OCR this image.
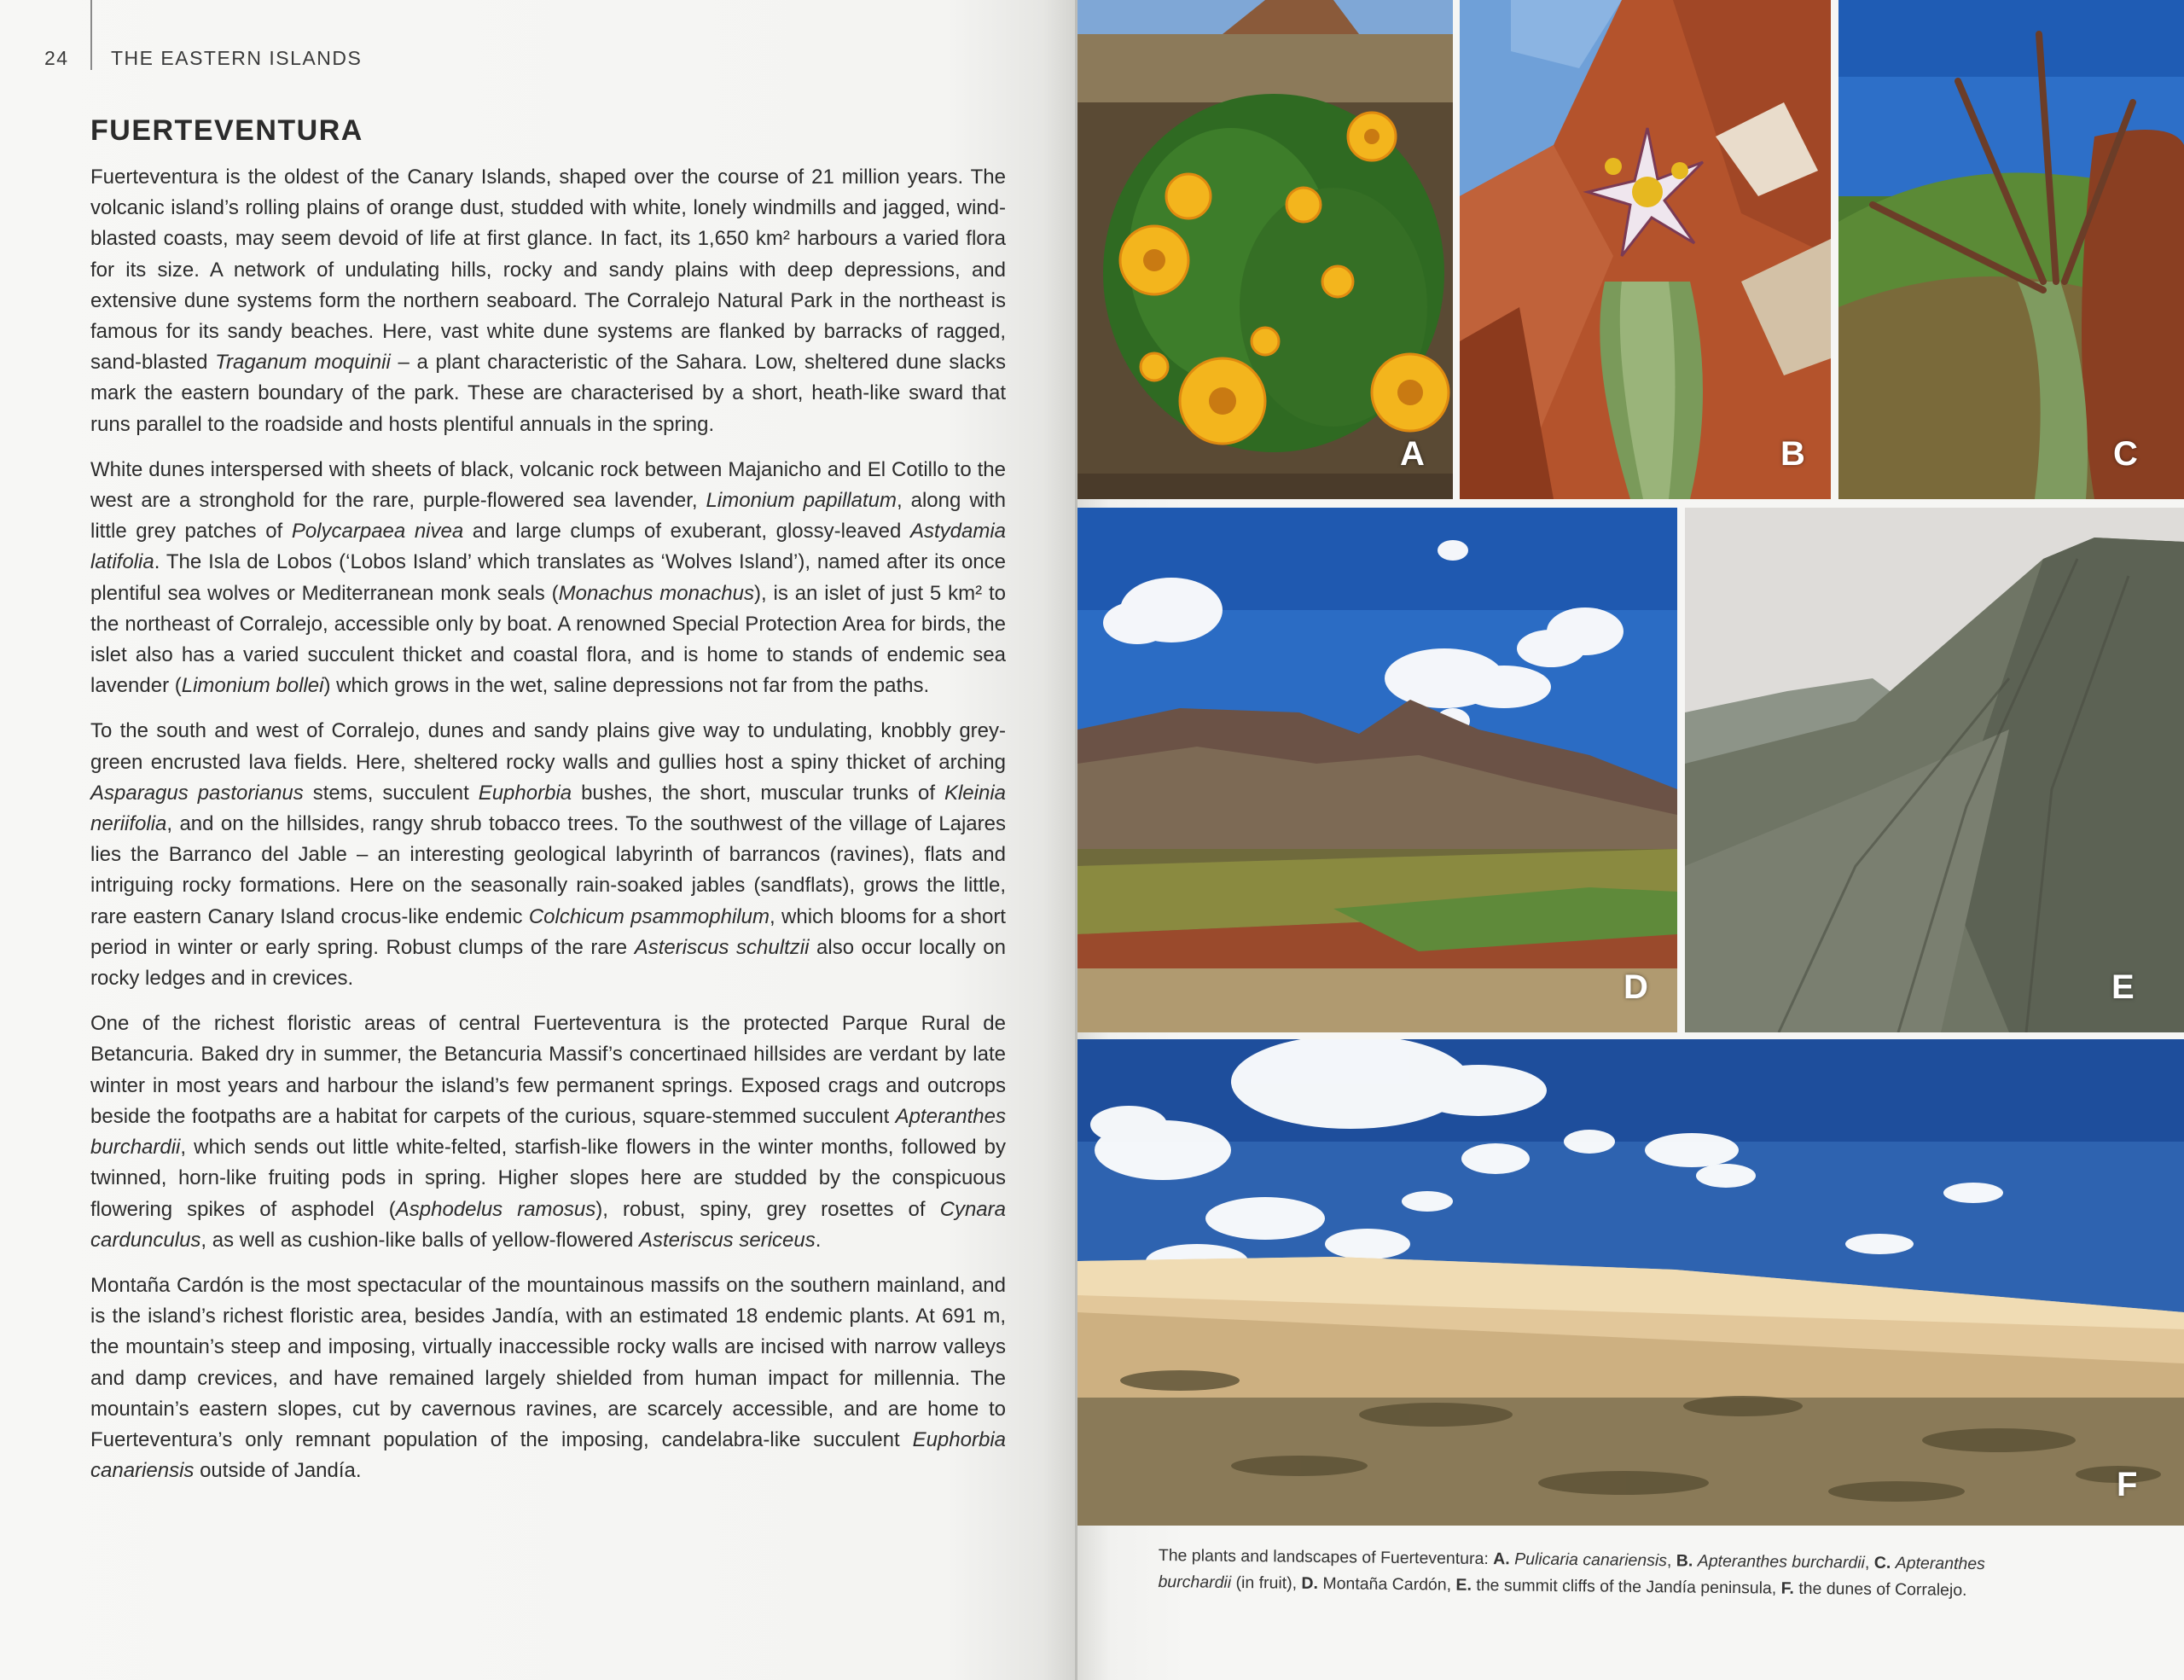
24	THE EASTERN ISLANDS
FUERTEVENTURA

Fuerteventura is the oldest of the Canary Islands, shaped over the course of 21 million years. The volcanic island’s rolling plains of orange dust, studded with white, lonely windmills and jagged, wind-blasted coasts, may seem devoid of life at first glance. In fact, its 1,650 km² harbours a varied flora for its size. A network of undulating hills, rocky and sandy plains with deep depressions, and extensive dune systems form the northern seaboard. The Corralejo Natural Park in the northeast is famous for its sandy beaches. Here, vast white dune systems are flanked by barracks of ragged, sand-blasted Traganum moquinii – a plant characteristic of the Sahara. Low, sheltered dune slacks mark the eastern boundary of the park. These are characterised by a short, heath-like sward that runs parallel to the roadside and hosts plentiful annuals in the spring.

White dunes interspersed with sheets of black, volcanic rock between Majanicho and El Cotillo to the west are a stronghold for the rare, purple-flowered sea lavender, Limonium papillatum, along with little grey patches of Polycarpaea nivea and large clumps of exuberant, glossy-leaved Astydamia latifolia. The Isla de Lobos (‘Lobos Island’ which translates as ‘Wolves Island’), named after its once plentiful sea wolves or Mediterranean monk seals (Monachus monachus), is an islet of just 5 km² to the northeast of Corralejo, accessible only by boat. A renowned Special Protection Area for birds, the islet also has a varied succulent thicket and coastal flora, and is home to stands of endemic sea lavender (Limonium bollei) which grows in the wet, saline depressions not far from the paths.

To the south and west of Corralejo, dunes and sandy plains give way to undulating, knobbly grey-green encrusted lava fields. Here, sheltered rocky walls and gullies host a spiny thicket of arching Asparagus pastorianus stems, succulent Euphorbia bushes, the short, muscular trunks of Kleinia neriifolia, and on the hillsides, rangy shrub tobacco trees. To the southwest of the village of Lajares lies the Barranco del Jable – an interesting geological labyrinth of barrancos (ravines), flats and intriguing rocky formations. Here on the seasonally rain-soaked jables (sandflats), grows the little, rare eastern Canary Island crocus-like endemic Colchicum psammophilum, which blooms for a short period in winter or early spring. Robust clumps of the rare Asteriscus schultzii also occur locally on rocky ledges and in crevices.

One of the richest floristic areas of central Fuerteventura is the protected Parque Rural de Betancuria. Baked dry in summer, the Betancuria Massif’s concertinaed hillsides are verdant by late winter in most years and harbour the island’s few permanent springs. Exposed crags and outcrops beside the footpaths are a habitat for carpets of the curious, square-stemmed succulent Apteranthes burchardii, which sends out little white-felted, starfish-like flowers in the winter months, followed by twinned, horn-like fruiting pods in spring. Higher slopes here are studded by the conspicuous flowering spikes of asphodel (Asphodelus ramosus), robust, spiny, grey rosettes of Cynara cardunculus, as well as cushion-like balls of yellow-flowered Asteriscus sericeus.

Montaña Cardón is the most spectacular of the mountainous massifs on the southern mainland, and is the island’s richest floristic area, besides Jandía, with an estimated 18 endemic plants. At 691 m, the mountain’s steep and imposing, virtually inaccessible rocky walls are incised with narrow valleys and damp crevices, and have remained largely shielded from human impact for millennia. The mountain’s eastern slopes, cut by cavernous ravines, are scarcely accessible, and are home to Fuerteventura’s only remnant population of the imposing, candelabra-like succulent Euphorbia canariensis outside of Jandía.

A	B	C
D	E
F
The plants and landscapes of Fuerteventura: A. Pulicaria canariensis, B. Apteranthes burchardii, C. Apteranthes burchardii (in fruit), D. Montaña Cardón, E. the summit cliffs of the Jandía peninsula, F. the dunes of Corralejo.
